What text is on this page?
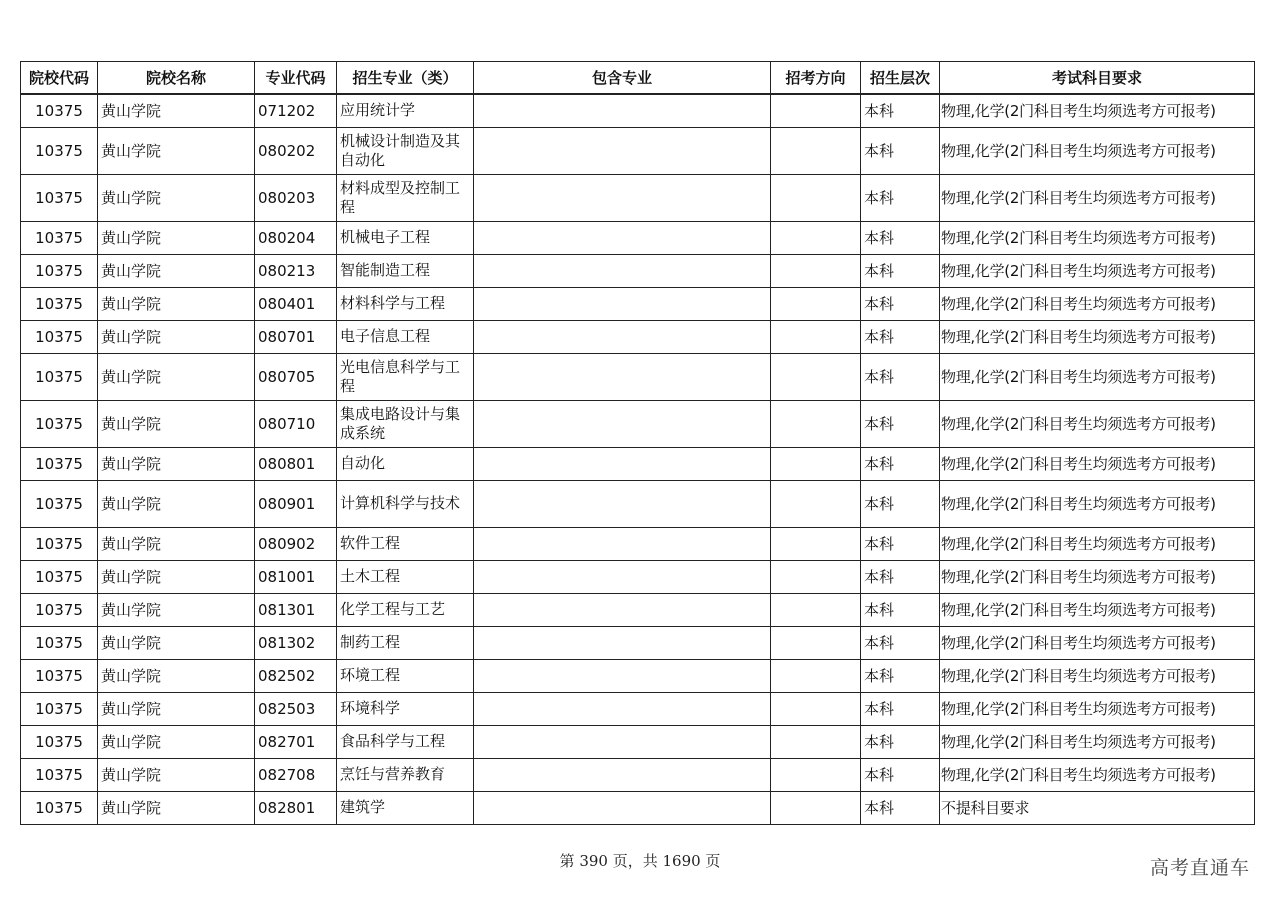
院校代码	院校名称	专业代码	招生专业（类）	包含专业	招考方向	招生层次	考试科目要求
10375	黄山学院	071202	应用统计学			本科	物理,化学(2门科目考生均须选考方可报考)
10375	黄山学院	080202	机械设计制造及其自动化			本科	物理,化学(2门科目考生均须选考方可报考)
10375	黄山学院	080203	材料成型及控制工程			本科	物理,化学(2门科目考生均须选考方可报考)
10375	黄山学院	080204	机械电子工程			本科	物理,化学(2门科目考生均须选考方可报考)
10375	黄山学院	080213	智能制造工程			本科	物理,化学(2门科目考生均须选考方可报考)
10375	黄山学院	080401	材料科学与工程			本科	物理,化学(2门科目考生均须选考方可报考)
10375	黄山学院	080701	电子信息工程			本科	物理,化学(2门科目考生均须选考方可报考)
10375	黄山学院	080705	光电信息科学与工程			本科	物理,化学(2门科目考生均须选考方可报考)
10375	黄山学院	080710	集成电路设计与集成系统			本科	物理,化学(2门科目考生均须选考方可报考)
10375	黄山学院	080801	自动化			本科	物理,化学(2门科目考生均须选考方可报考)
10375	黄山学院	080901	计算机科学与技术			本科	物理,化学(2门科目考生均须选考方可报考)
10375	黄山学院	080902	软件工程			本科	物理,化学(2门科目考生均须选考方可报考)
10375	黄山学院	081001	土木工程			本科	物理,化学(2门科目考生均须选考方可报考)
10375	黄山学院	081301	化学工程与工艺			本科	物理,化学(2门科目考生均须选考方可报考)
10375	黄山学院	081302	制药工程			本科	物理,化学(2门科目考生均须选考方可报考)
10375	黄山学院	082502	环境工程			本科	物理,化学(2门科目考生均须选考方可报考)
10375	黄山学院	082503	环境科学			本科	物理,化学(2门科目考生均须选考方可报考)
10375	黄山学院	082701	食品科学与工程			本科	物理,化学(2门科目考生均须选考方可报考)
10375	黄山学院	082708	烹饪与营养教育			本科	物理,化学(2门科目考生均须选考方可报考)
10375	黄山学院	082801	建筑学			本科	不提科目要求
第 390 页，共 1690 页	高考直通车
